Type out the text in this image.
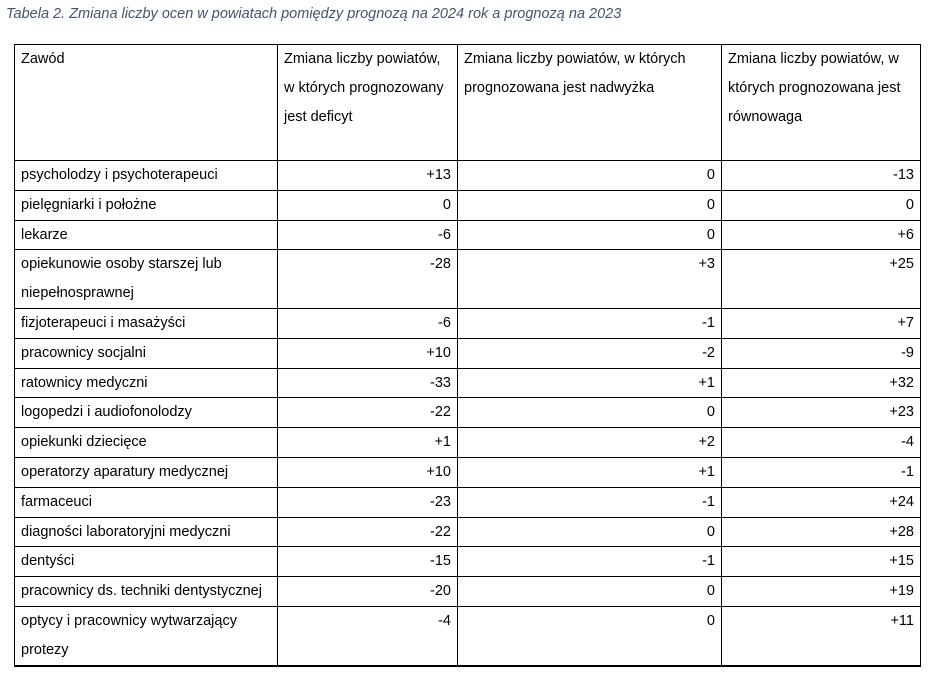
Tabela 2. Zmiana liczby ocen w powiatach pomiędzy prognozą na 2024 rok a prognozą na 2023
Zawód	Zmiana liczby powiatów, w których prognozowany jest deficyt	Zmiana liczby powiatów, w których prognozowana jest nadwyżka	Zmiana liczby powiatów, w których prognozowana jest równowaga
psycholodzy i psychoterapeuci	+13	0	-13
pielęgniarki i położne	0	0	0
lekarze	-6	0	+6
opiekunowie osoby starszej lub niepełnosprawnej	-28	+3	+25
fizjoterapeuci i masażyści	-6	-1	+7
pracownicy socjalni	+10	-2	-9
ratownicy medyczni	-33	+1	+32
logopedzi i audiofonolodzy	-22	0	+23
opiekunki dziecięce	+1	+2	-4
operatorzy aparatury medycznej	+10	+1	-1
farmaceuci	-23	-1	+24
diagności laboratoryjni medyczni	-22	0	+28
dentyści	-15	-1	+15
pracownicy ds. techniki dentystycznej	-20	0	+19
optycy i pracownicy wytwarzający protezy	-4	0	+11
